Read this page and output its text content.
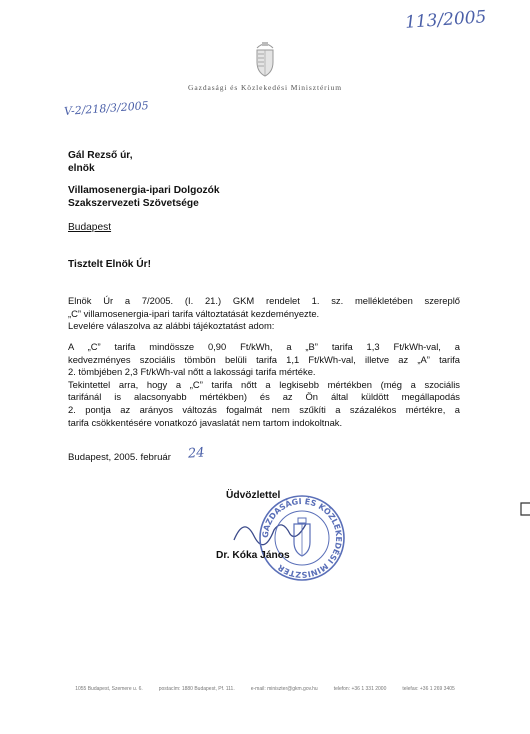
113/2005
Gazdasági és Közlekedési Minisztérium
V-2/218/3/2005
Gál Rezső úr,
elnök
Villamosenergia-ipari Dolgozók
Szakszervezeti Szövetsége
Budapest
Tisztelt Elnök Úr!
Elnök Úr a 7/2005. (I. 21.) GKM rendelet 1. sz. mellékletében szereplő
„C” villamosenergia-ipari tarifa változtatását kezdeményezte.
Levelére válaszolva az alábbi tájékoztatást adom:
A „C” tarifa mindössze 0,90 Ft/kWh, a „B” tarifa 1,3 Ft/kWh-val, a
kedvezményes szociális tömbön belüli tarifa 1,1 Ft/kWh-val, illetve az „A” tarifa
2. tömbjében 2,3 Ft/kWh-val nőtt a lakossági tarifa mértéke.
Tekintettel arra, hogy a „C” tarifa nőtt a legkisebb mértékben (még a szociális
tarifánál is alacsonyabb mértékben) és az Ön által küldött megállapodás
2. pontja az arányos változás fogalmát nem szűkíti a százalékos mértékre, a
tarifa csökkentésére vonatkozó javaslatát nem tartom indokoltnak.
Budapest, 2005. február 24
Üdvözlettel
GAZDASÁGI ÉS KÖZLEKEDÉSI MINISZTER
Dr. Kóka János
1055 Budapest, Szemere u. 6.	postacím: 1880 Budapest, Pf. 111.	e-mail: miniszter@gkm.gov.hu	telefon: +36 1 331 2000	telefax: +36 1 269 3405
